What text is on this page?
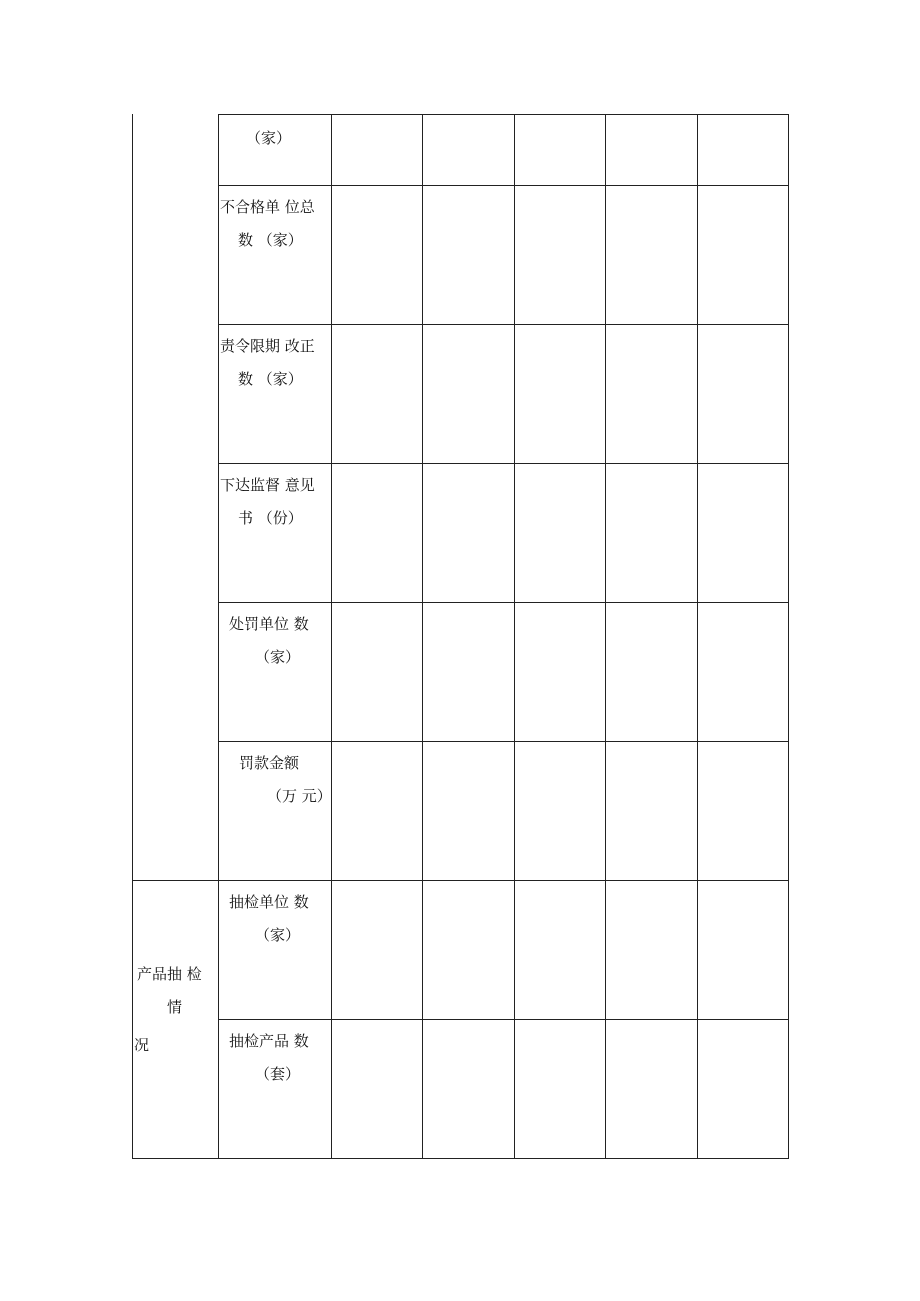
（家）
不合格单 位总
数 （家）
责令限期 改正
数 （家）
下达监督 意见
书 （份）
处罚单位 数
（家）
罚款金额
（万 元）
抽检单位 数
（家）
抽检产品 数
（套）
产品抽 检
情
况
